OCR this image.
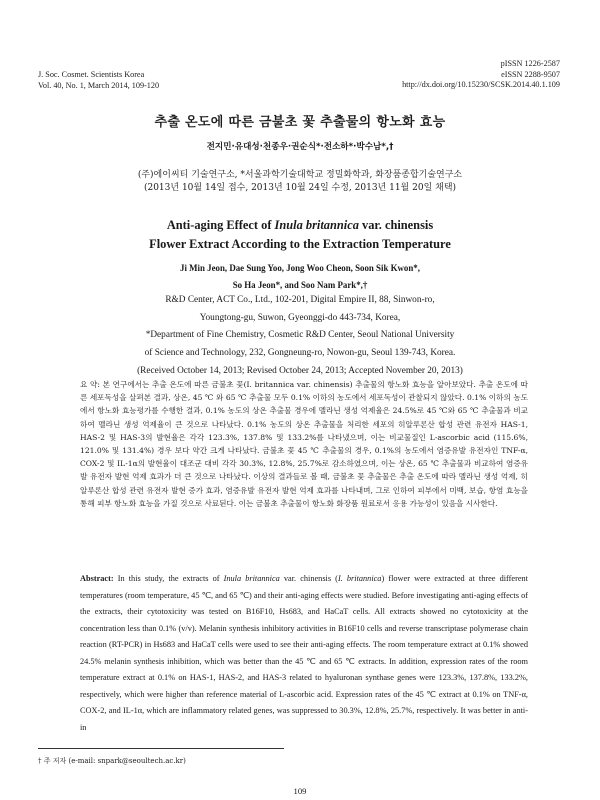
J. Soc. Cosmet. Scientists Korea
Vol. 40, No. 1, March 2014, 109-120
pISSN 1226-2587
eISSN 2288-9507
http://dx.doi.org/10.15230/SCSK.2014.40.1.109
추출 온도에 따른 금불초 꽃 추출물의 항노화 효능
전지민·유대성·천종우·권순식*·전소하*·박수남*,†
(주)에이씨티 기술연구소, *서울과학기술대학교 정밀화학과, 화장품종합기술연구소
(2013년 10월 14일 접수, 2013년 10월 24일 수정, 2013년 11월 20일 채택)
Anti-aging Effect of Inula britannica var. chinensis
Flower Extract According to the Extraction Temperature
Ji Min Jeon, Dae Sung Yoo, Jong Woo Cheon, Soon Sik Kwon*,
So Ha Jeon*, and Soo Nam Park*,†
R&D Center, ACT Co., Ltd., 102-201, Digital Empire II, 88, Sinwon-ro,
Youngtong-gu, Suwon, Gyeonggi-do 443-734, Korea,
*Department of Fine Chemistry, Cosmetic R&D Center, Seoul National University
of Science and Technology, 232, Gongneung-ro, Nowon-gu, Seoul 139-743, Korea.
(Received October 14, 2013; Revised October 24, 2013; Accepted November 20, 2013)

요 약: 본 연구에서는 추출 온도에 따른 금불초 꽃(I. britannica var. chinensis) 추출물의 항노화 효능을 알아보았다. 추출 온도에 따른 세포독성을 살펴본 결과, 상온, 45 ℃ 와 65 ℃ 추출물 모두 0.1% 이하의 농도에서 세포독성이 관찰되지 않았다. 0.1% 이하의 농도에서 항노화 효능평가를 수행한 결과, 0.1% 농도의 상온 추출물 경우에 멜라닌 생성 억제율은 24.5%로 45 ℃와 65 ℃ 추출물과 비교하여 멜라닌 생성 억제율이 큰 것으로 나타났다. 0.1% 농도의 상온 추출물을 처리한 세포의 히알루론산 합성 관련 유전자 HAS-1, HAS-2 및 HAS-3의 발현율은 각각 123.3%, 137.8% 및 133.2%를 나타냈으며, 이는 비교물질인 L-ascorbic acid (115.6%, 121.0% 및 131.4%) 경우 보다 약간 크게 나타났다. 금불초 꽃 45 ℃ 추출물의 경우, 0.1%의 농도에서 염증유발 유전자인 TNF-α, COX-2 및 IL-1α의 발현율이 대조군 대비 각각 30.3%, 12.8%, 25.7%로 감소하였으며, 이는 상온, 65 ℃ 추출물과 비교하여 염증유발 유전자 발현 억제 효과가 더 큰 것으로 나타났다. 이상의 결과들로 볼 때, 금불초 꽃 추출물은 추출 온도에 따라 멜라닌 생성 억제, 히알루론산 합성 관련 유전자 발현 증가 효과, 염증유발 유전자 발현 억제 효과를 나타내며, 그로 인하여 피부에서 미백, 보습, 항염 효능을 통해 피부 항노화 효능을 가질 것으로 사료된다. 이는 금불초 추출물이 항노화 화장품 원료로서 응용 가능성이 있음을 시사한다.

Abstract: In this study, the extracts of Inula britannica var. chinensis (I. britannica) flower were extracted at three different temperatures (room temperature, 45 ℃, and 65 ℃) and their anti-aging effects were studied. Before investigating anti-aging effects of the extracts, their cytotoxicity was tested on B16F10, Hs683, and HaCaT cells. All extracts showed no cytotoxicity at the concentration less than 0.1% (v/v). Melanin synthesis inhibitory activities in B16F10 cells and reverse transcriptase polymerase chain reaction (RT-PCR) in Hs683 and HaCaT cells were used to see their anti-aging effects. The room temperature extract at 0.1% showed 24.5% melanin synthesis inhibition, which was better than the 45 ℃ and 65 ℃ extracts. In addition, expression rates of the room temperature extract at 0.1% on HAS-1, HAS-2, and HAS-3 related to hyaluronan synthase genes were 123.3%, 137.8%, 133.2%, respectively, which were higher than reference material of L-ascorbic acid. Expression rates of the 45 ℃ extract at 0.1% on TNF-α, COX-2, and IL-1α, which are inflammatory related genes, was suppressed to 30.3%, 12.8%, 25.7%, respectively. It was better in anti-in

† 주 저자 (e-mail: snpark@seoultech.ac.kr)
109
